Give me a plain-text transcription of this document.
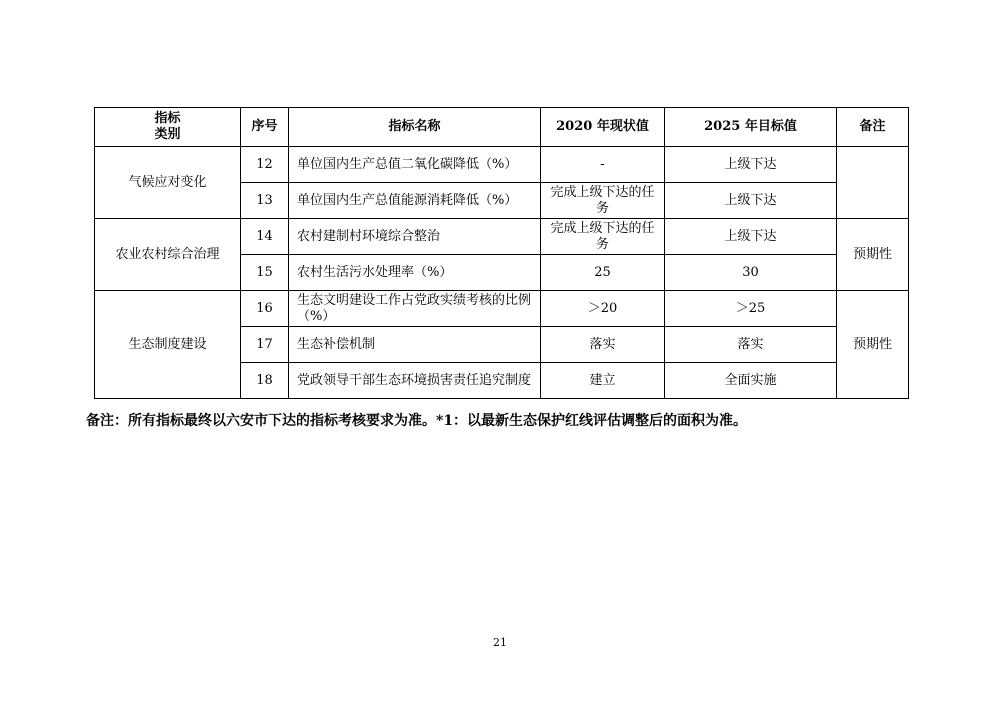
指标
类别	序号	指标名称	2020 年现状值	2025 年目标值	备注
气候应对变化	12	单位国内生产总值二氧化碳降低（%）	-	上级下达	
	13	单位国内生产总值能源消耗降低（%）	完成上级下达的任务	上级下达	
农业农村综合治理	14	农村建制村环境综合整治	完成上级下达的任务	上级下达	预期性
	15	农村生活污水处理率（%）	25	30	
生态制度建设	16	生态文明建设工作占党政实绩考核的比例（%）	＞20	＞25	预期性
	17	生态补偿机制	落实	落实	
	18	党政领导干部生态环境损害责任追究制度	建立	全面实施	
备注：所有指标最终以六安市下达的指标考核要求为准。*1：以最新生态保护红线评估调整后的面积为准。
21
